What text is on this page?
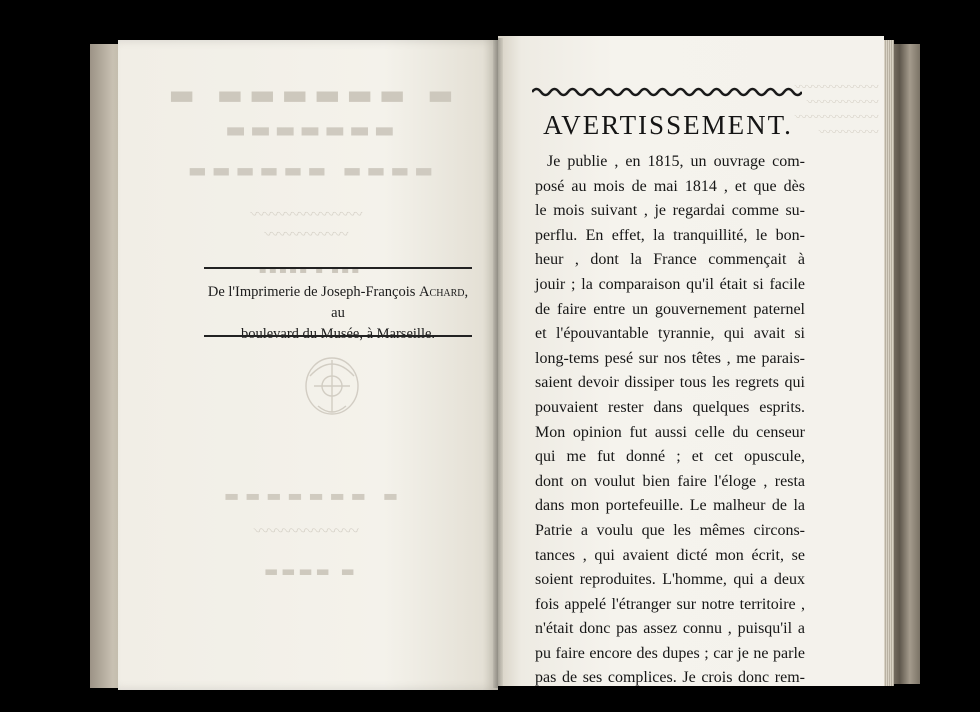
▬ ▬▬▬▬▬▬ ▬
▬▬▬▬▬▬▬
▬▬▬▬ ▬▬▬▬▬▬
〰〰〰〰〰〰〰〰
〰〰〰〰〰〰
▪▪▪ ▪ ▪▪▪▪▪
▬ ▬▬▬▬▬▬▬
〰〰〰〰〰〰〰
▬ ▬▬▬▬
De l'Imprimerie de Joseph-François Achard, au
boulevard du Musée, à Marseille.
〰〰〰〰〰〰〰
〰〰〰〰〰〰
〰〰〰〰〰〰〰
〰〰〰〰〰
AVERTISSEMENT.
Je publie , en 1815, un ouvrage com-
posé au mois de mai 1814 , et que dès
le mois suivant , je regardai comme su-
perflu. En effet, la tranquillité, le bon-
heur , dont la France commençait à
jouir ; la comparaison qu'il était si facile
de faire entre un gouvernement paternel
et l'épouvantable tyrannie, qui avait si
long-tems pesé sur nos têtes , me parais-
saient devoir dissiper tous les regrets qui
pouvaient rester dans quelques esprits.
Mon opinion fut aussi celle du censeur
qui me fut donné ; et cet opuscule,
dont on voulut bien faire l'éloge , resta
dans mon portefeuille. Le malheur de la
Patrie a voulu que les mêmes circons-
tances , qui avaient dicté mon écrit, se
soient reproduites. L'homme, qui a deux
fois appelé l'étranger sur notre territoire ,
n'était donc pas assez connu , puisqu'il a
pu faire encore des dupes ; car je ne parle
pas de ses complices. Je crois donc rem-
